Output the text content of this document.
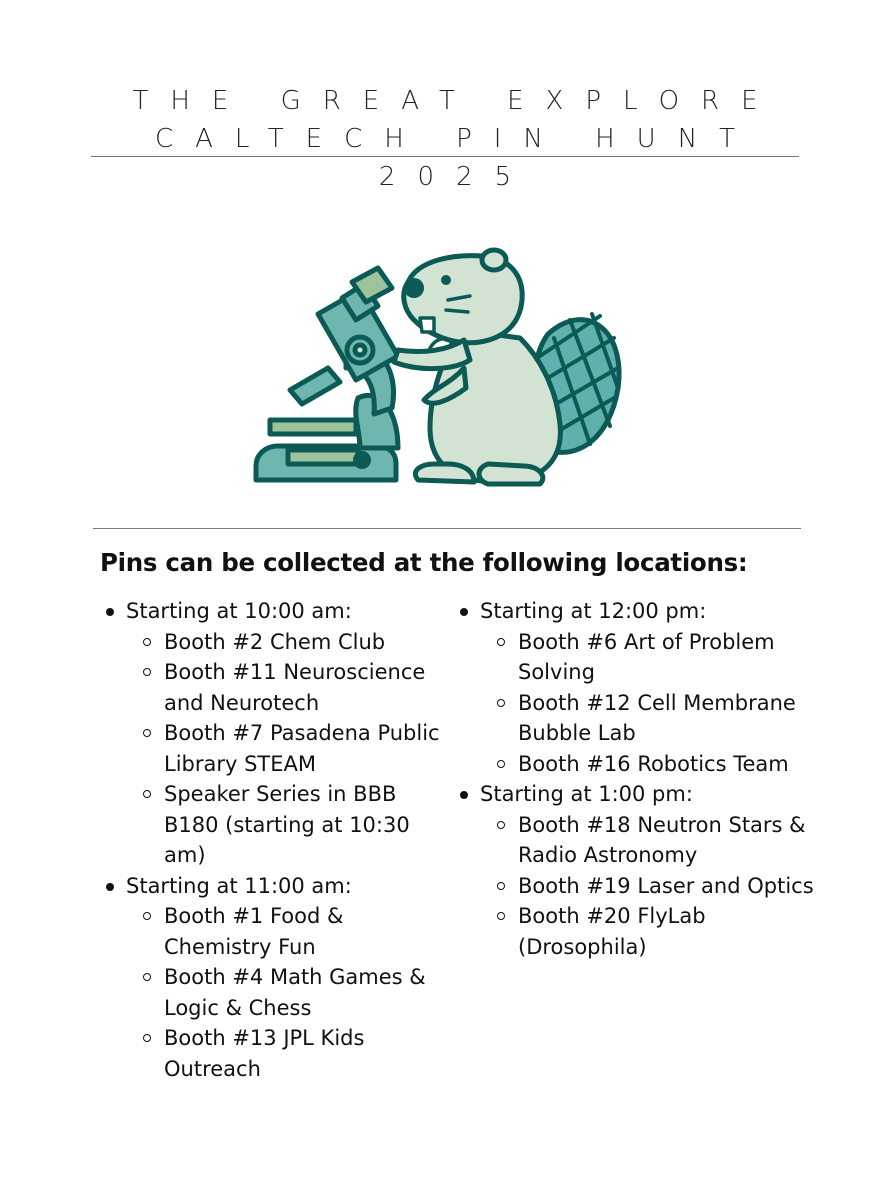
THE GREAT EXPLORE
CALTECH PIN HUNT
2025
Pins can be collected at the following locations:
Starting at 10:00 am:
Booth #2 Chem Club
Booth #11 Neuroscience and Neurotech
Booth #7 Pasadena Public Library STEAM
Speaker Series in BBB B180 (starting at 10:30 am)
Starting at 11:00 am:
Booth #1 Food & Chemistry Fun
Booth #4 Math Games & Logic & Chess
Booth #13 JPL Kids Outreach
Starting at 12:00 pm:
Booth #6 Art of Problem Solving
Booth #12 Cell Membrane Bubble Lab
Booth #16 Robotics Team
Starting at 1:00 pm:
Booth #18 Neutron Stars & Radio Astronomy
Booth #19 Laser and Optics
Booth #20 FlyLab (Drosophila)
